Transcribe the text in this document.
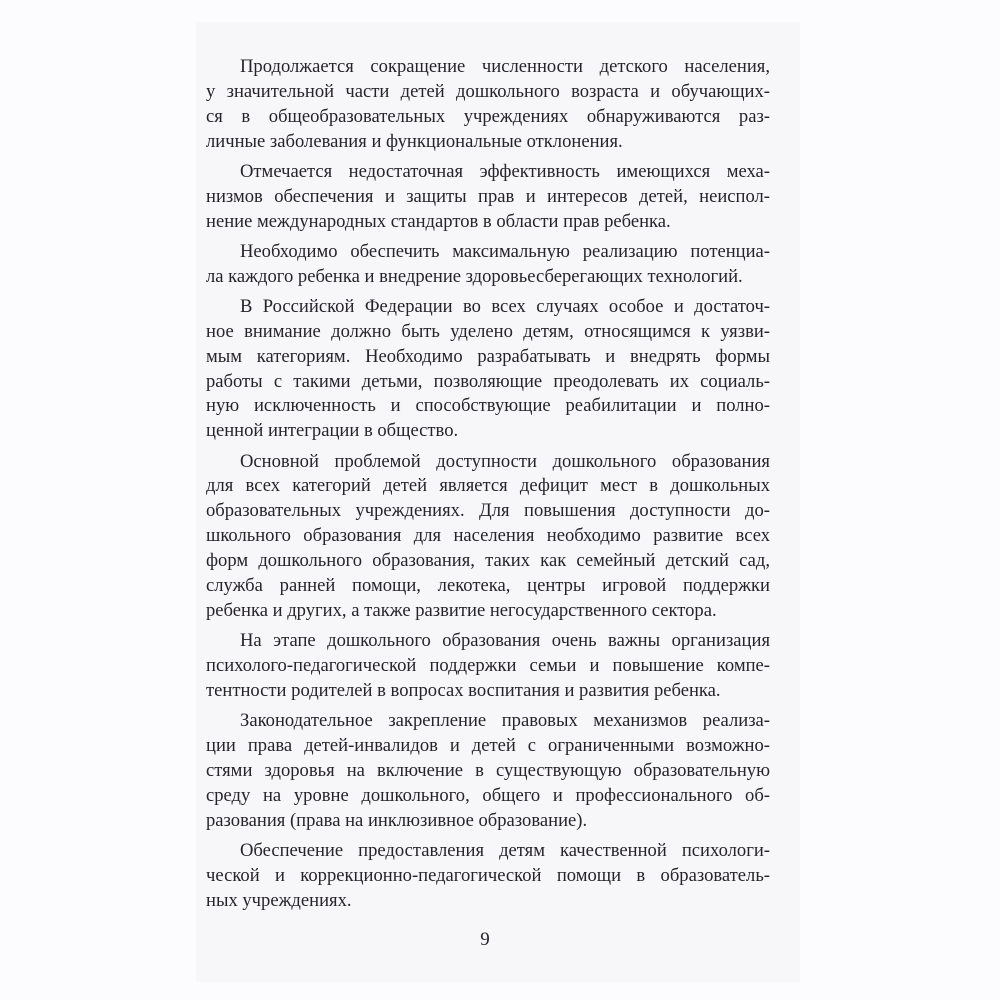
Продолжается сокращение численности детского населения,
у значительной части детей дошкольного возраста и обучающих-
ся в общеобразовательных учреждениях обнаруживаются раз-
личные заболевания и функциональные отклонения.
Отмечается недостаточная эффективность имеющихся меха-
низмов обеспечения и защиты прав и интересов детей, неиспол-
нение международных стандартов в области прав ребенка.
Необходимо обеспечить максимальную реализацию потенциа-
ла каждого ребенка и внедрение здоровьесберегающих технологий.
В Российской Федерации во всех случаях особое и достаточ-
ное внимание должно быть уделено детям, относящимся к уязви-
мым категориям. Необходимо разрабатывать и внедрять формы
работы с такими детьми, позволяющие преодолевать их социаль-
ную исключенность и способствующие реабилитации и полно-
ценной интеграции в общество.
Основной проблемой доступности дошкольного образования
для всех категорий детей является дефицит мест в дошкольных
образовательных учреждениях. Для повышения доступности до-
школьного образования для населения необходимо развитие всех
форм дошкольного образования, таких как семейный детский сад,
служба ранней помощи, лекотека, центры игровой поддержки
ребенка и других, а также развитие негосударственного сектора.
На этапе дошкольного образования очень важны организация
психолого-педагогической поддержки семьи и повышение компе-
тентности родителей в вопросах воспитания и развития ребенка.
Законодательное закрепление правовых механизмов реализа-
ции права детей-инвалидов и детей с ограниченными возможно-
стями здоровья на включение в существующую образовательную
среду на уровне дошкольного, общего и профессионального об-
разования (права на инклюзивное образование).
Обеспечение предоставления детям качественной психологи-
ческой и коррекционно-педагогической помощи в образователь-
ных учреждениях.
9
